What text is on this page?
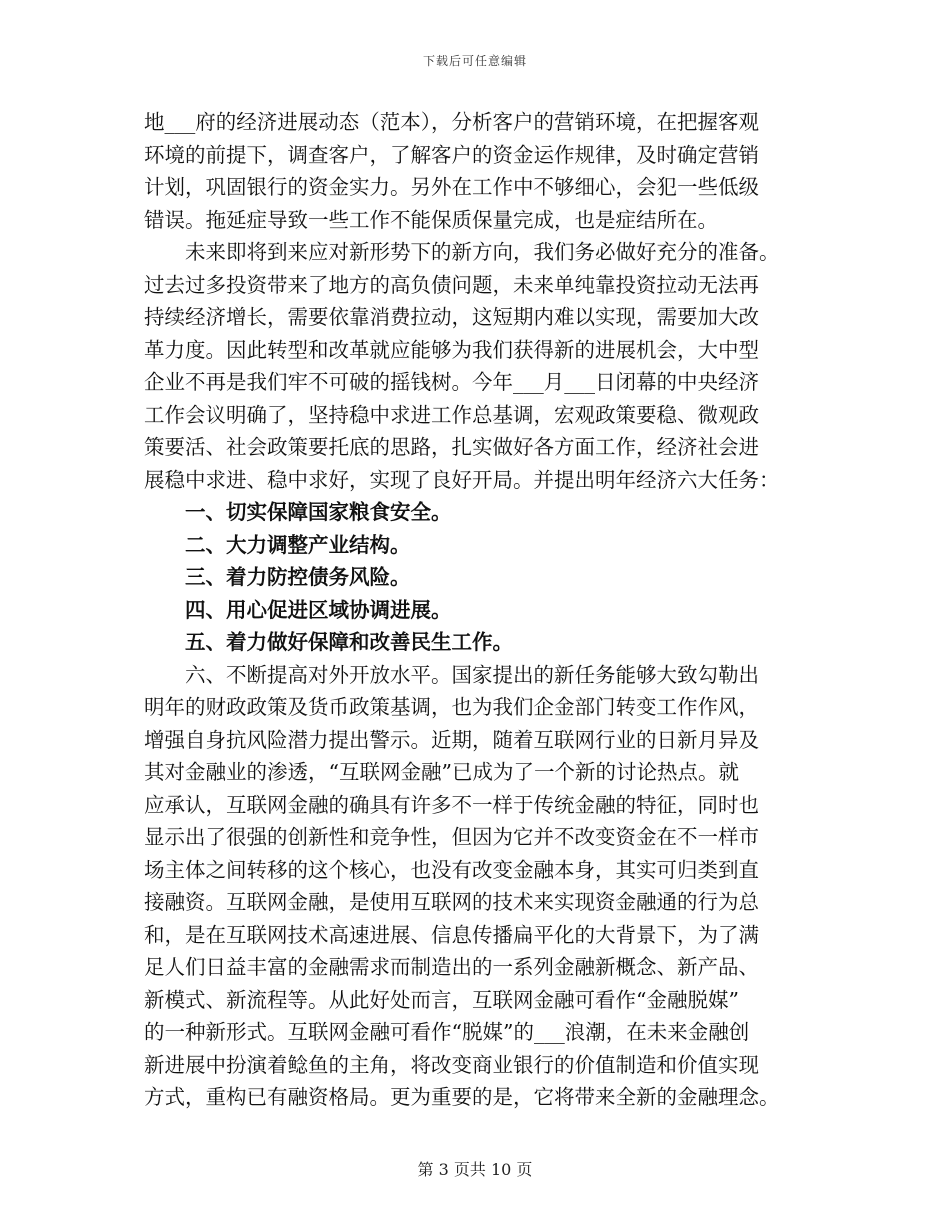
下载后可任意编辑
地___府的经济进展动态（范本），分析客户的营销环境，在把握客观
环境的前提下，调查客户，了解客户的资金运作规律，及时确定营销
计划，巩固银行的资金实力。另外在工作中不够细心，会犯一些低级
错误。拖延症导致一些工作不能保质保量完成，也是症结所在。
未来即将到来应对新形势下的新方向，我们务必做好充分的准备。
过去过多投资带来了地方的高负债问题，未来单纯靠投资拉动无法再
持续经济增长，需要依靠消费拉动，这短期内难以实现，需要加大改
革力度。因此转型和改革就应能够为我们获得新的进展机会，大中型
企业不再是我们牢不可破的摇钱树。今年___月___日闭幕的中央经济
工作会议明确了，坚持稳中求进工作总基调，宏观政策要稳、微观政
策要活、社会政策要托底的思路，扎实做好各方面工作，经济社会进
展稳中求进、稳中求好，实现了良好开局。并提出明年经济六大任务：
一、切实保障国家粮食安全。
二、大力调整产业结构。
三、着力防控债务风险。
四、用心促进区域协调进展。
五、着力做好保障和改善民生工作。
六、不断提高对外开放水平。国家提出的新任务能够大致勾勒出
明年的财政政策及货币政策基调，也为我们企金部门转变工作作风，
增强自身抗风险潜力提出警示。近期，随着互联网行业的日新月异及
其对金融业的渗透，“互联网金融”已成为了一个新的讨论热点。就
应承认，互联网金融的确具有许多不一样于传统金融的特征，同时也
显示出了很强的创新性和竞争性，但因为它并不改变资金在不一样市
场主体之间转移的这个核心，也没有改变金融本身，其实可归类到直
接融资。互联网金融，是使用互联网的技术来实现资金融通的行为总
和，是在互联网技术高速进展、信息传播扁平化的大背景下，为了满
足人们日益丰富的金融需求而制造出的一系列金融新概念、新产品、
新模式、新流程等。从此好处而言，互联网金融可看作“金融脱媒”
的一种新形式。互联网金融可看作“脱媒”的___浪潮，在未来金融创
新进展中扮演着鲶鱼的主角，将改变商业银行的价值制造和价值实现
方式，重构已有融资格局。更为重要的是，它将带来全新的金融理念。
第 3 页共 10 页
